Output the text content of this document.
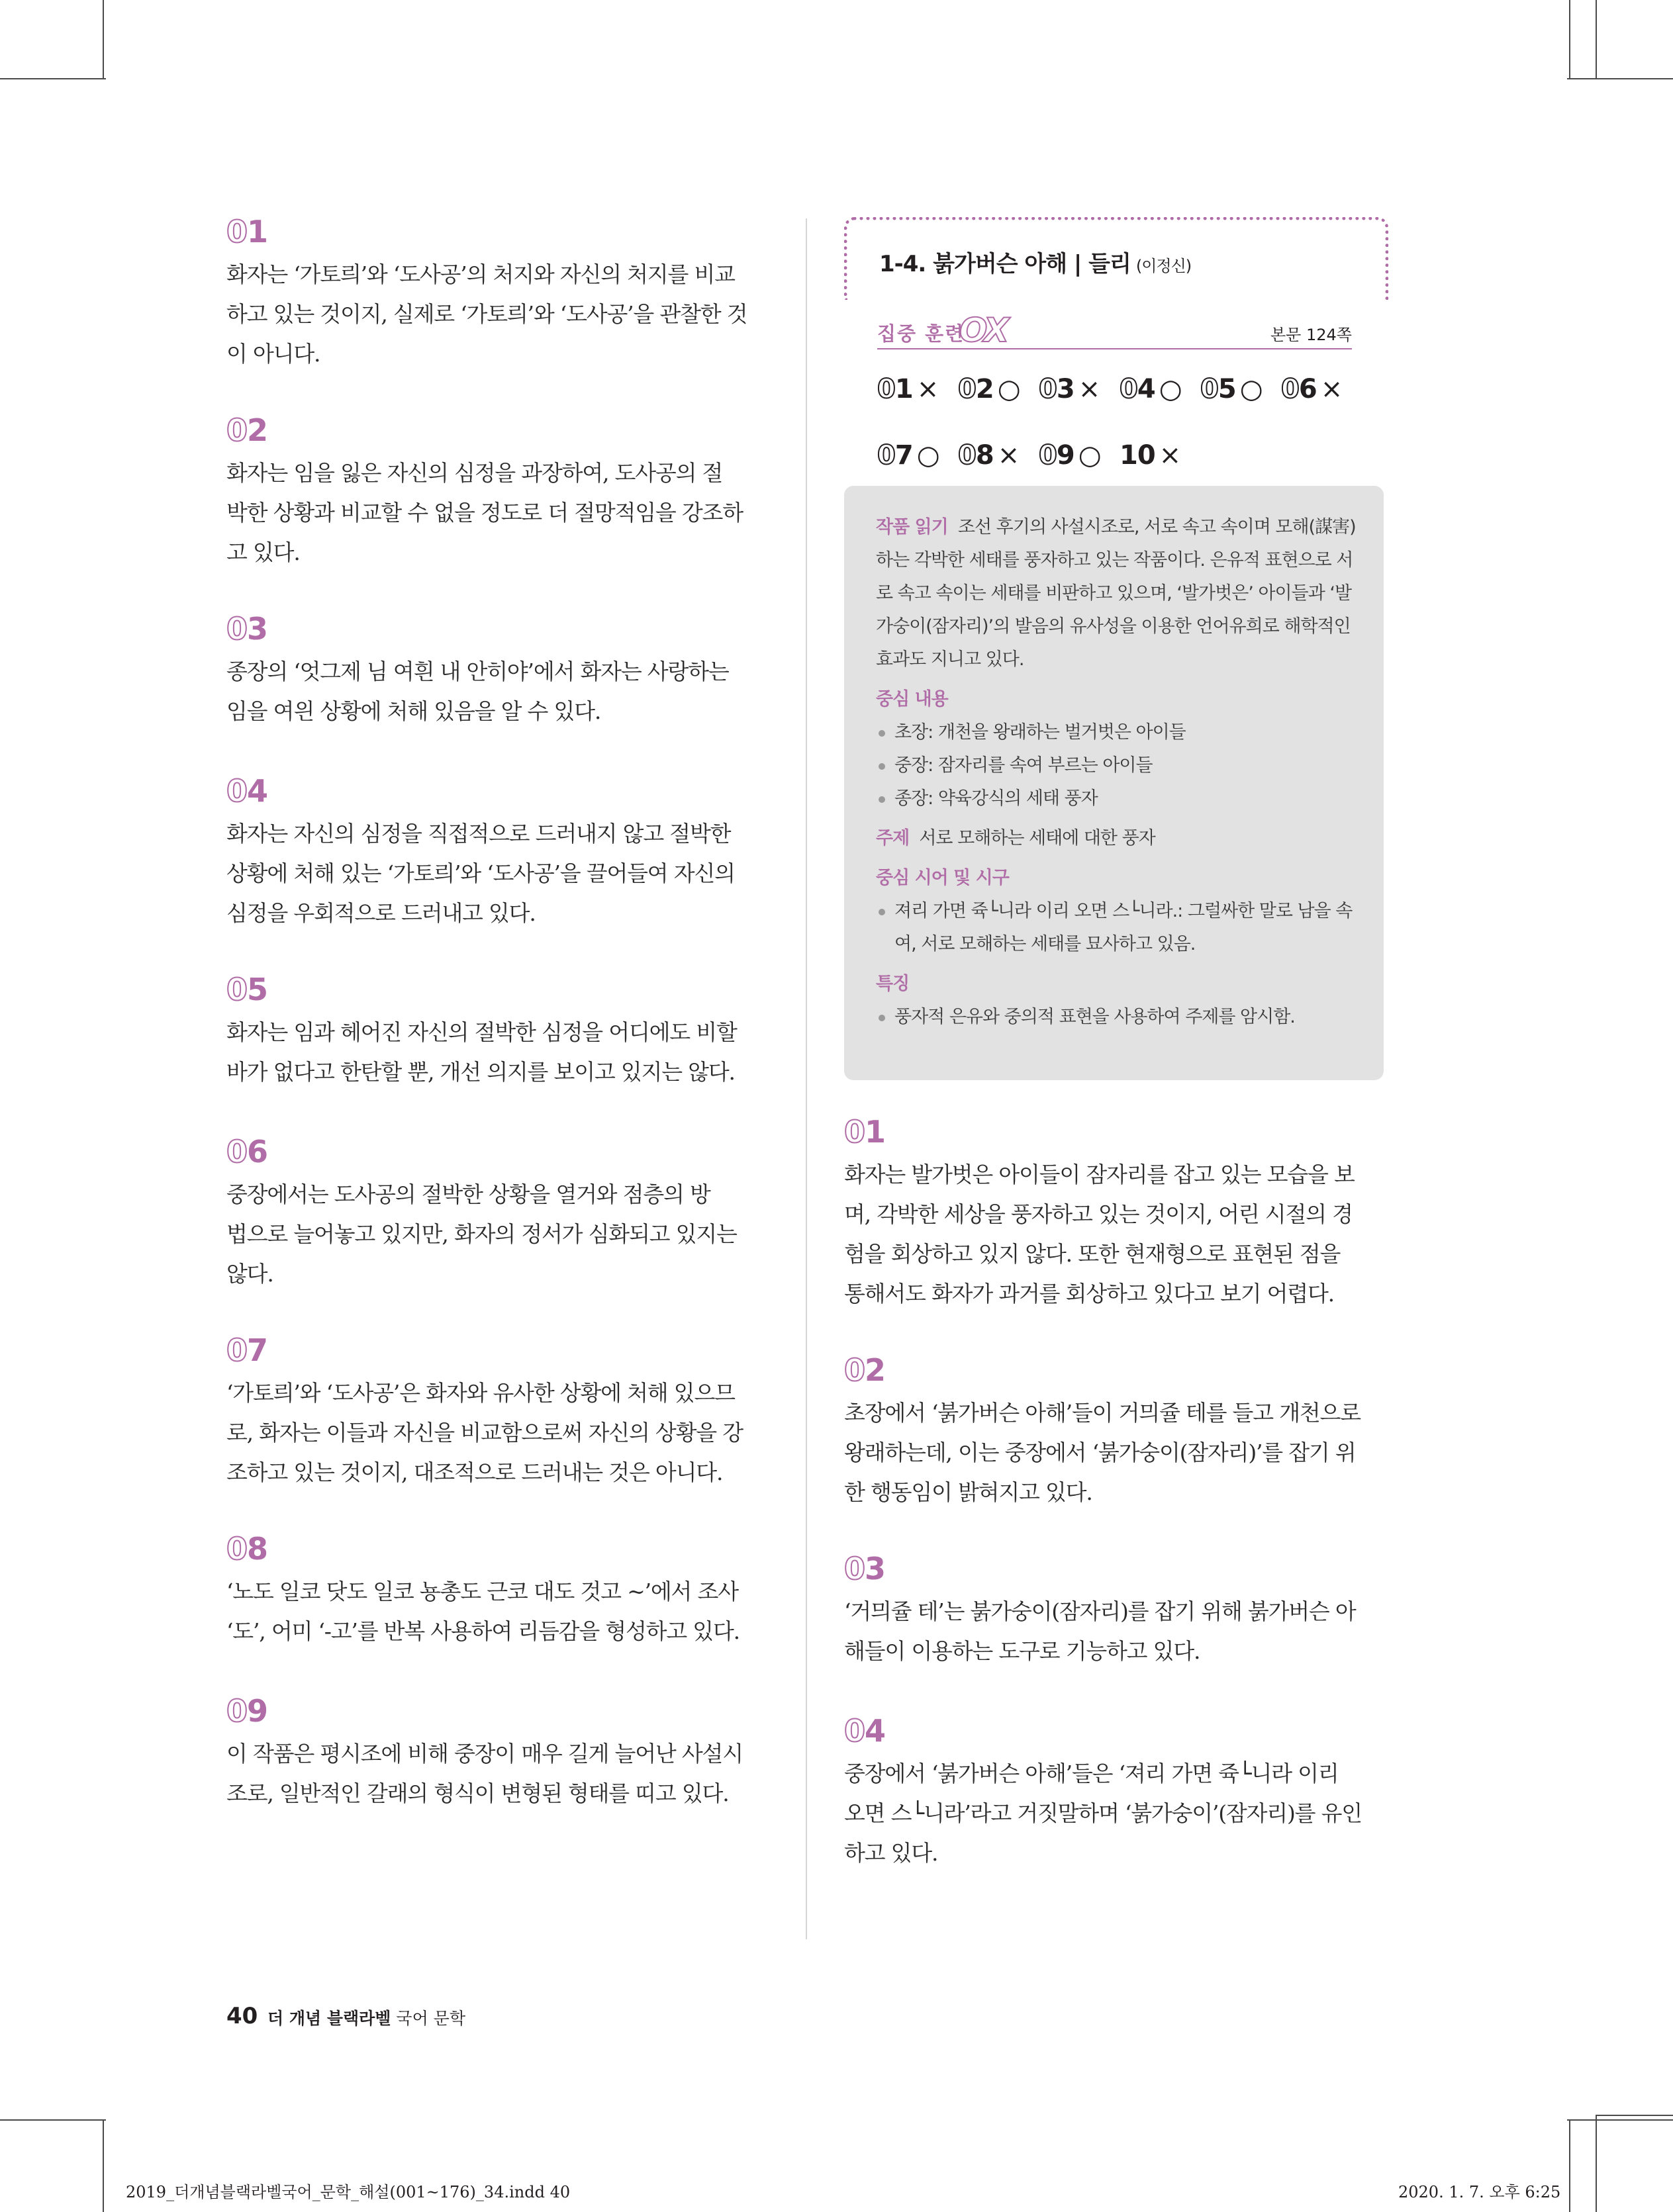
01
화자는 ‘가토릐’와 ‘도사공’의 처지와 자신의 처지를 비교
하고 있는 것이지, 실제로 ‘가토릐’와 ‘도사공’을 관찰한 것
이 아니다.
02
화자는 임을 잃은 자신의 심정을 과장하여, 도사공의 절
박한 상황과 비교할 수 없을 정도로 더 절망적임을 강조하
고 있다.
03
종장의 ‘엇그제 님 여흰 내 안히야’에서 화자는 사랑하는
임을 여읜 상황에 처해 있음을 알 수 있다.
04
화자는 자신의 심정을 직접적으로 드러내지 않고 절박한
상황에 처해 있는 ‘가토릐’와 ‘도사공’을 끌어들여 자신의
심정을 우회적으로 드러내고 있다.
05
화자는 임과 헤어진 자신의 절박한 심정을 어디에도 비할
바가 없다고 한탄할 뿐, 개선 의지를 보이고 있지는 않다.
06
중장에서는 도사공의 절박한 상황을 열거와 점층의 방
법으로 늘어놓고 있지만, 화자의 정서가 심화되고 있지는
않다.
07
‘가토릐’와 ‘도사공’은 화자와 유사한 상황에 처해 있으므
로, 화자는 이들과 자신을 비교함으로써 자신의 상황을 강
조하고 있는 것이지, 대조적으로 드러내는 것은 아니다.
08
‘노도 일코 닷도 일코 뇽총도 근코 대도 것고 ~’에서 조사
‘도’, 어미 ‘-고’를 반복 사용하여 리듬감을 형성하고 있다.
09
이 작품은 평시조에 비해 중장이 매우 길게 늘어난 사설시
조로, 일반적인 갈래의 형식이 변형된 형태를 띠고 있다.
1-4. 붉가버슨 아해 | 들리 (이정신)
집중 훈련
OX	본문 124쪽
01 × 02 ○ 03 × 04 ○ 05 ○ 06 ×
07 ○ 08 × 09 ○ 10 ×
작품 읽기 조선 후기의 사설시조로, 서로 속고 속이며 모해(謀害)하는 각박한 세태를 풍자하고 있는 작품이다. 은유적 표현으로 서로 속고 속이는 세태를 비판하고 있으며, ‘발가벗은’ 아이들과 ‘발가숭이(잠자리)’의 발음의 유사성을 이용한 언어유희로 해학적인 효과도 지니고 있다.
중심 내용
초장: 개천을 왕래하는 벌거벗은 아이들
중장: 잠자리를 속여 부르는 아이들
종장: 약육강식의 세태 풍자
주제 서로 모해하는 세태에 대한 풍자
중심 시어 및 시구
져리 가면 쥭└니라 이리 오면 스└니라.: 그럴싸한 말로 남을 속여, 서로 모해하는 세태를 묘사하고 있음.
특징
풍자적 은유와 중의적 표현을 사용하여 주제를 암시함.
01
화자는 발가벗은 아이들이 잠자리를 잡고 있는 모습을 보
며, 각박한 세상을 풍자하고 있는 것이지, 어린 시절의 경
험을 회상하고 있지 않다. 또한 현재형으로 표현된 점을
통해서도 화자가 과거를 회상하고 있다고 보기 어렵다.
02
초장에서 ‘붉가버슨 아해’들이 거믜쥴 테를 들고 개천으로
왕래하는데, 이는 중장에서 ‘붉가숭이(잠자리)’를 잡기 위
한 행동임이 밝혀지고 있다.
03
‘거믜쥴 테’는 붉가숭이(잠자리)를 잡기 위해 붉가버슨 아
해들이 이용하는 도구로 기능하고 있다.
04
중장에서 ‘붉가버슨 아해’들은 ‘져리 가면 쥭└니라 이리
오면 스└니라’라고 거짓말하며 ‘붉가숭이’(잠자리)를 유인
하고 있다.
40 더 개념 블랙라벨 국어 문학
2019_더개념블랙라벨국어_문학_해설(001~176)_34.indd 40	2020. 1. 7. 오후 6:25
